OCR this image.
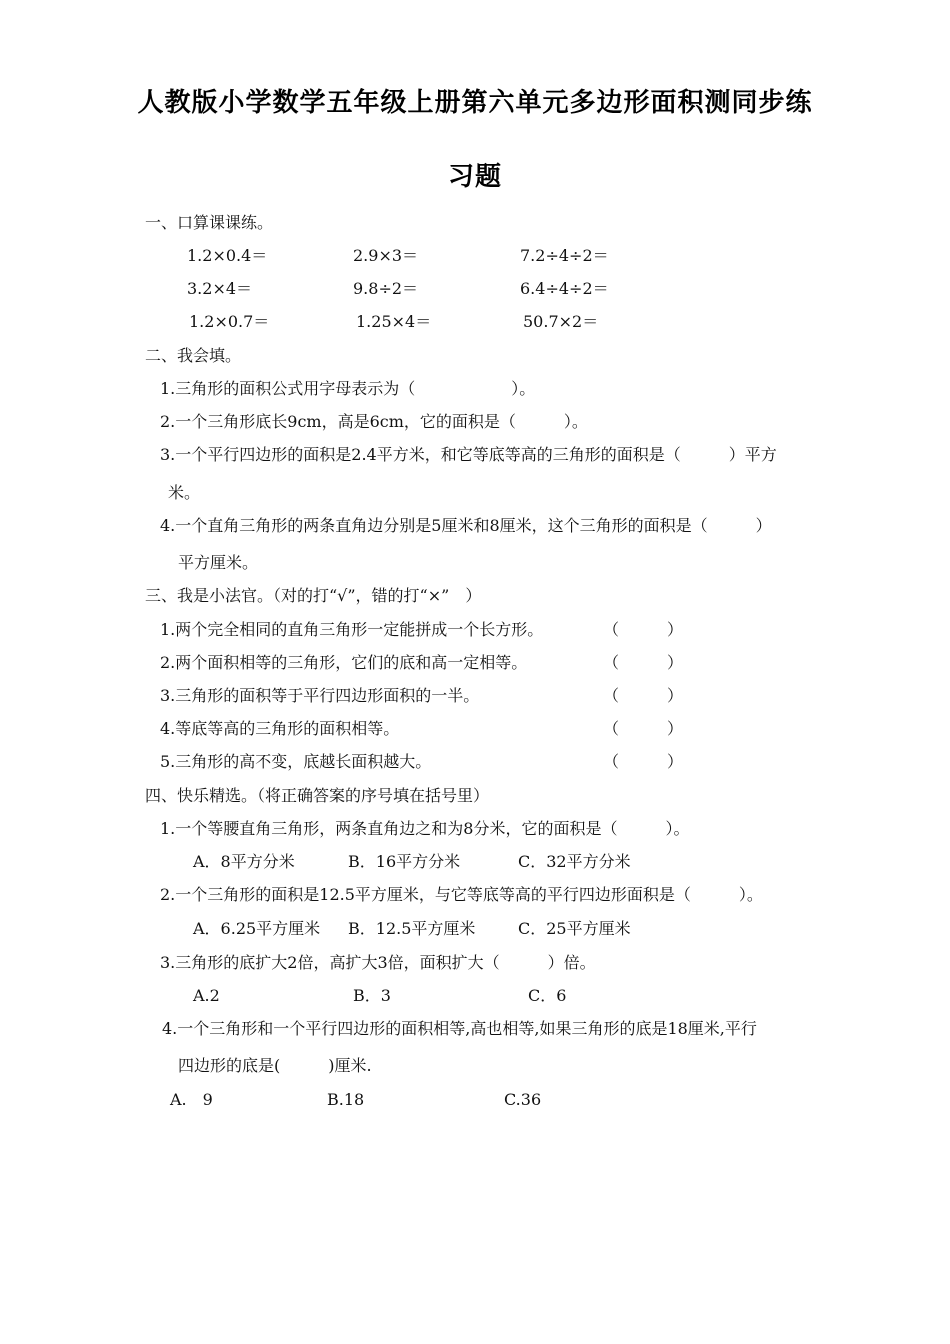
人教版小学数学五年级上册第六单元多边形面积测同步练
习题
一、口算课课练。
1.2×0.4＝	2.9×3＝	7.2÷4÷2＝
3.2×4＝	9.8÷2＝	6.4÷4÷2＝
1.2×0.7＝	1.25×4＝	50.7×2＝
二、我会填。
1.三角形的面积公式用字母表示为（　　　　　　）。
2.一个三角形底长9cm，高是6cm，它的面积是（　　　）。
3.一个平行四边形的面积是2.4平方米，和它等底等高的三角形的面积是（　　　）平方
米。
4.一个直角三角形的两条直角边分别是5厘米和8厘米，这个三角形的面积是（　　　）
平方厘米。
三、我是小法官。（对的打“√”，错的打“×”　）
1.两个完全相同的直角三角形一定能拼成一个长方形。	（　　　）
2.两个面积相等的三角形，它们的底和高一定相等。	（　　　）
3.三角形的面积等于平行四边形面积的一半。	（　　　）
4.等底等高的三角形的面积相等。	（　　　）
5.三角形的高不变，底越长面积越大。	（　　　）
四、快乐精选。（将正确答案的序号填在括号里）
1.一个等腰直角三角形，两条直角边之和为8分米，它的面积是（　　　）。
A．8平方分米	B．16平方分米	C．32平方分米
2.一个三角形的面积是12.5平方厘米，与它等底等高的平行四边形面积是（　　　）。
A．6.25平方厘米 B．12.5平方厘米	C．25平方厘米
3.三角形的底扩大2倍，高扩大3倍，面积扩大（　　　）倍。
A.2	B．3	C．6
4.一个三角形和一个平行四边形的面积相等,高也相等,如果三角形的底是18厘米,平行
四边形的底是(　　　)厘米.
A.　9	B.18	C.36
